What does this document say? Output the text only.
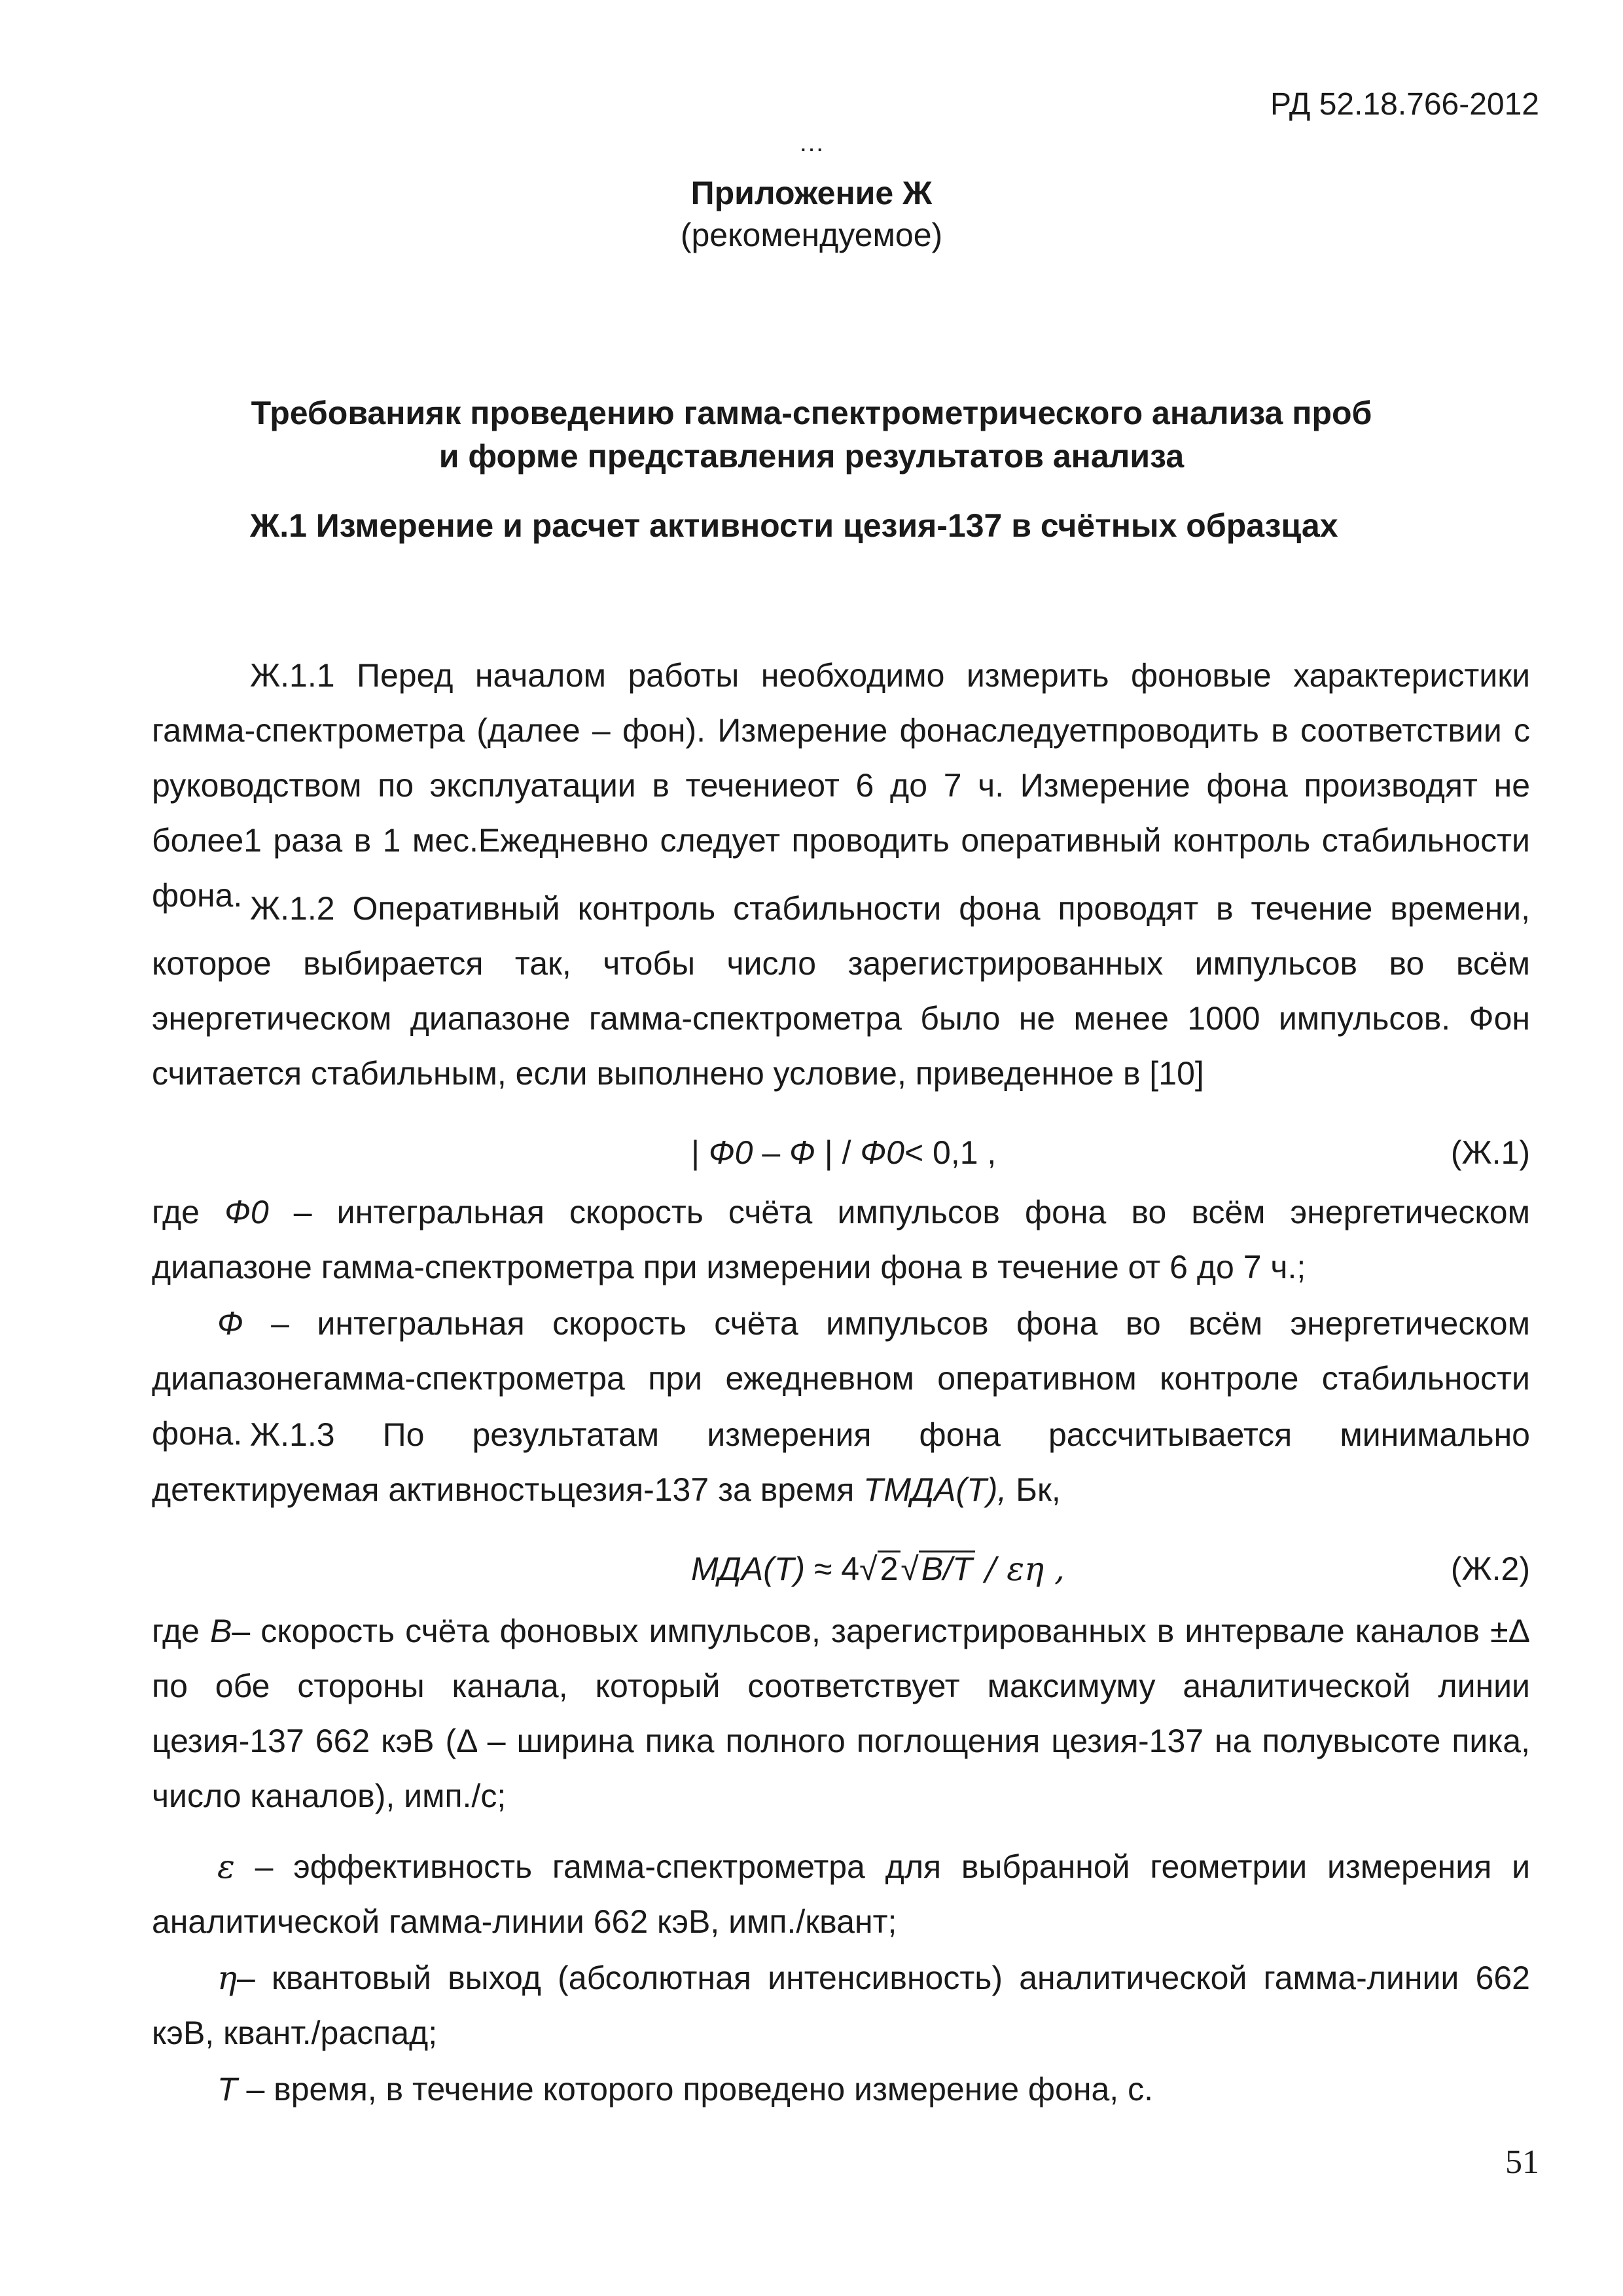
РД 52.18.766-2012
…
Приложение Ж
(рекомендуемое)
Требованияк проведению гамма-спектрометрического анализа проб
и форме представления результатов анализа
Ж.1 Измерение и расчет активности цезия-137 в счётных образцах
Ж.1.1 Перед началом работы необходимо измерить фоновые характеристики гамма-спектрометра (далее – фон). Измерение фонаследуетпроводить в соответствии с руководством по эксплуатации в течениеот 6 до 7 ч. Измерение фона производят не более1 раза в 1 мес.Ежедневно следует проводить оперативный контроль стабильности фона. Ж.1.2 Оперативный контроль стабильности фона проводят в течение времени, которое выбирается так, чтобы число зарегистрированных импульсов во всём энергетическом диапазоне гамма-спектрометра было не менее 1000 импульсов. Фон считается стабильным, если выполнено условие, приведенное в [10]
| Ф0 – Ф | / Ф0< 0,1 ,	(Ж.1)
где Ф0 – интегральная скорость счёта импульсов фона во всём энергетическом диапазоне гамма-спектрометра при измерении фона в течение от 6 до 7 ч.;
Ф – интегральная скорость счёта импульсов фона во всём энергетическом диапазонегамма-спектрометра при ежедневном оперативном контроле стабильности фона. Ж.1.3 По результатам измерения фона рассчитывается минимально детектируемая активностьцезия-137 за время ТМДА(Т), Бк,
МДА(Т) ≈ 4√2√B/T / εη ,	(Ж.2)
где В– скорость счёта фоновых импульсов, зарегистрированных в интервале каналов ±Δ по обе стороны канала, который соответствует максимуму аналитической линии цезия-137 662 кэВ (Δ – ширина пика полного поглощения цезия-137 на полувысоте пика, число каналов), имп./с;
ε – эффективность гамма-спектрометра для выбранной геометрии измерения и аналитической гамма-линии 662 кэВ, имп./квант;
η– квантовый выход (абсолютная интенсивность) аналитической гамма-линии 662 кэВ, квант./распад;
Т – время, в течение которого проведено измерение фона, с.
51
